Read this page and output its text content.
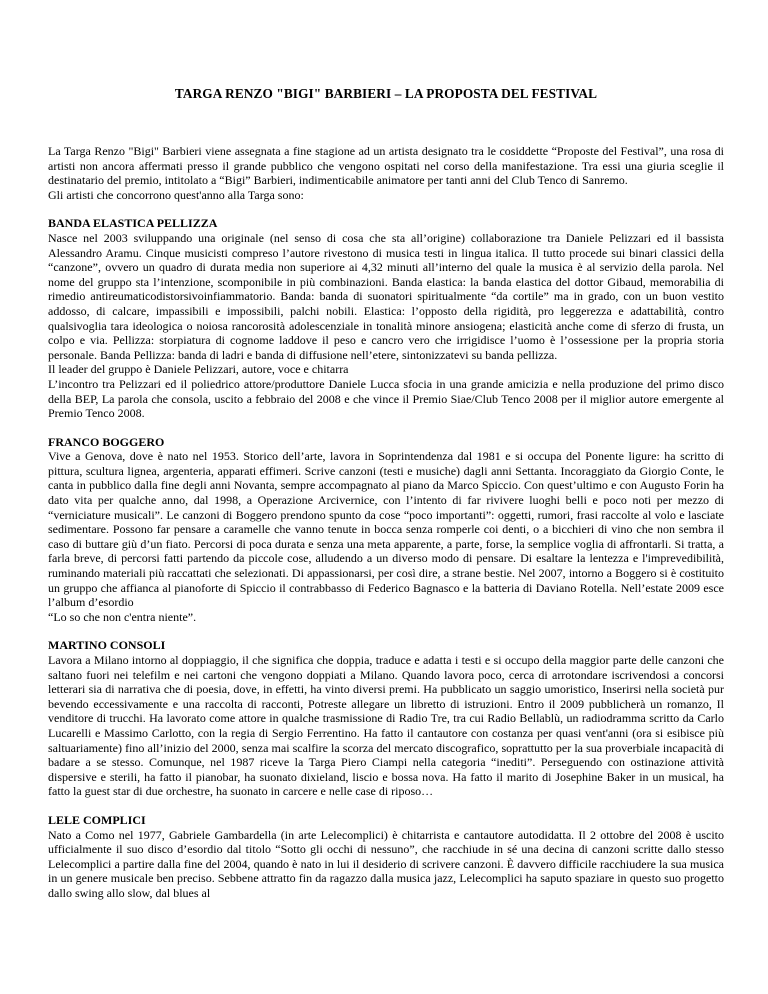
TARGA RENZO "BIGI" BARBIERI – LA PROPOSTA DEL FESTIVAL

La Targa Renzo "Bigi" Barbieri viene assegnata a fine stagione ad un artista designato tra le cosiddette “Proposte del Festival”, una rosa di artisti non ancora affermati presso il grande pubblico che vengono ospitati nel corso della manifestazione. Tra essi una giuria sceglie il destinatario del premio, intitolato a “Bigi” Barbieri, indimenticabile animatore per tanti anni del Club Tenco di Sanremo.

Gli artisti che concorrono quest'anno alla Targa sono:

BANDA ELASTICA PELLIZZA

Nasce nel 2003 sviluppando una originale (nel senso di cosa che sta all’origine) collaborazione tra Daniele Pelizzari ed il bassista Alessandro Aramu. Cinque musicisti compreso l’autore rivestono di musica testi in lingua italica. Il tutto procede sui binari classici della “canzone”, ovvero un quadro di durata media non superiore ai 4,32 minuti all’interno del quale la musica è al servizio della parola. Nel nome del gruppo sta l’intenzione, scomponibile in più combinazioni. Banda elastica: la banda elastica del dottor Gibaud, memorabilia di rimedio antireumaticodistorsivoinfiammatorio. Banda: banda di suonatori spiritualmente “da cortile” ma in grado, con un buon vestito addosso, di calcare, impassibili e impossibili, palchi nobili. Elastica: l’opposto della rigidità, pro leggerezza e adattabilità, contro qualsivoglia tara ideologica o noiosa rancorosità adolescenziale in tonalità minore ansiogena; elasticità anche come di sferzo di frusta, un colpo e via. Pellizza: storpiatura di cognome laddove il peso e cancro vero che irrigidisce l’uomo è l’ossessione per la propria storia personale. Banda Pellizza: banda di ladri e banda di diffusione nell’etere, sintonizzatevi su banda pellizza.

Il leader del gruppo è Daniele Pelizzari, autore, voce e chitarra

L’incontro tra Pelizzari ed il poliedrico attore/produttore Daniele Lucca sfocia in una grande amicizia e nella produzione del primo disco della BEP, La parola che consola, uscito a febbraio del 2008 e che vince il Premio Siae/Club Tenco 2008 per il miglior autore emergente al Premio Tenco 2008.

FRANCO BOGGERO

Vive a Genova, dove è nato nel 1953. Storico dell’arte, lavora in Soprintendenza dal 1981 e si occupa del Ponente ligure: ha scritto di pittura, scultura lignea, argenteria, apparati effimeri. Scrive canzoni (testi e musiche) dagli anni Settanta. Incoraggiato da Giorgio Conte, le canta in pubblico dalla fine degli anni Novanta, sempre accompagnato al piano da Marco Spiccio. Con quest’ultimo e con Augusto Forin ha dato vita per qualche anno, dal 1998, a Operazione Arcivernice, con l’intento di far rivivere luoghi belli e poco noti per mezzo di “verniciature musicali”. Le canzoni di Boggero prendono spunto da cose “poco importanti”: oggetti, rumori, frasi raccolte al volo e lasciate sedimentare. Possono far pensare a caramelle che vanno tenute in bocca senza romperle coi denti, o a bicchieri di vino che non sembra il caso di buttare giù d’un fiato. Percorsi di poca durata e senza una meta apparente, a parte, forse, la semplice voglia di affrontarli. Si tratta, a farla breve, di percorsi fatti partendo da piccole cose, alludendo a un diverso modo di pensare. Di esaltare la lentezza e l'imprevedibilità, ruminando materiali più raccattati che selezionati. Di appassionarsi, per così dire, a strane bestie. Nel 2007, intorno a Boggero si è costituito un gruppo che affianca al pianoforte di Spiccio il contrabbasso di Federico Bagnasco e la batteria di Daviano Rotella. Nell’estate 2009 esce l’album d’esordio

“Lo so che non c'entra niente”.

MARTINO CONSOLI

Lavora a Milano intorno al doppiaggio, il che significa che doppia, traduce e adatta i testi e si occupo della maggior parte delle canzoni che saltano fuori nei telefilm e nei cartoni che vengono doppiati a Milano. Quando lavora poco, cerca di arrotondare iscrivendosi a concorsi letterari sia di narrativa che di poesia, dove, in effetti, ha vinto diversi premi. Ha pubblicato un saggio umoristico, Inserirsi nella società pur bevendo eccessivamente e una raccolta di racconti, Potreste allegare un libretto di istruzioni. Entro il 2009 pubblicherà un romanzo, Il venditore di trucchi. Ha lavorato come attore in qualche trasmissione di Radio Tre, tra cui Radio Bellablù, un radiodramma scritto da Carlo Lucarelli e Massimo Carlotto, con la regia di Sergio Ferrentino. Ha fatto il cantautore con costanza per quasi vent'anni (ora si esibisce più saltuariamente) fino all’inizio del 2000, senza mai scalfire la scorza del mercato discografico, soprattutto per la sua proverbiale incapacità di badare a se stesso. Comunque, nel 1987 riceve la Targa Piero Ciampi nella categoria “inediti”. Perseguendo con ostinazione attività dispersive e sterili, ha fatto il pianobar, ha suonato dixieland, liscio e bossa nova. Ha fatto il marito di Josephine Baker in un musical, ha fatto la guest star di due orchestre, ha suonato in carcere e nelle case di riposo…

LELE COMPLICI

Nato a Como nel 1977, Gabriele Gambardella (in arte Lelecomplici) è chitarrista e cantautore autodidatta. Il 2 ottobre del 2008 è uscito ufficialmente il suo disco d’esordio dal titolo “Sotto gli occhi di nessuno”, che racchiude in sé una decina di canzoni scritte dallo stesso Lelecomplici a partire dalla fine del 2004, quando è nato in lui il desiderio di scrivere canzoni. È davvero difficile racchiudere la sua musica in un genere musicale ben preciso. Sebbene attratto fin da ragazzo dalla musica jazz, Lelecomplici ha saputo spaziare in questo suo progetto dallo swing allo slow, dal blues al
